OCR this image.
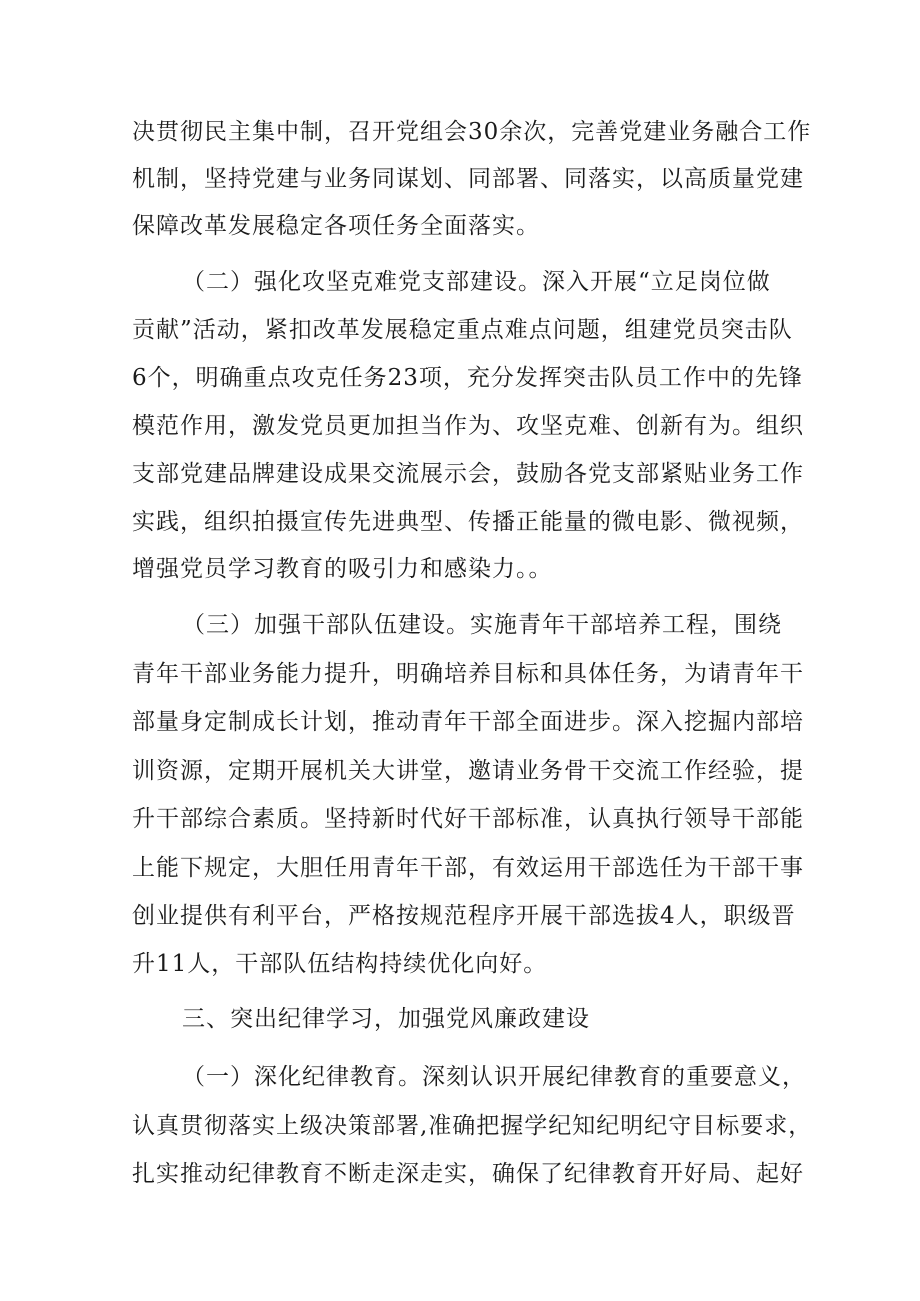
决贯彻民主集中制，召开党组会30余次，完善党建业务融合工作
机制，坚持党建与业务同谋划、同部署、同落实，以高质量党建
保障改革发展稳定各项任务全面落实。
（二）强化攻坚克难党支部建设。深入开展“立足岗位做
贡献”活动，紧扣改革发展稳定重点难点问题，组建党员突击队
6个，明确重点攻克任务23项，充分发挥突击队员工作中的先锋
模范作用，激发党员更加担当作为、攻坚克难、创新有为。组织
支部党建品牌建设成果交流展示会，鼓励各党支部紧贴业务工作
实践，组织拍摄宣传先进典型、传播正能量的微电影、微视频，
增强党员学习教育的吸引力和感染力。。
（三）加强干部队伍建设。实施青年干部培养工程，围绕
青年干部业务能力提升，明确培养目标和具体任务，为请青年干
部量身定制成长计划，推动青年干部全面进步。深入挖掘内部培
训资源，定期开展机关大讲堂，邀请业务骨干交流工作经验，提
升干部综合素质。坚持新时代好干部标准，认真执行领导干部能
上能下规定，大胆任用青年干部，有效运用干部选任为干部干事
创业提供有利平台，严格按规范程序开展干部选拔4人，职级晋
升11人，干部队伍结构持续优化向好。
三、突出纪律学习，加强党风廉政建设
（一）深化纪律教育。深刻认识开展纪律教育的重要意义，
认真贯彻落实上级决策部署,准确把握学纪知纪明纪守目标要求，
扎实推动纪律教育不断走深走实，确保了纪律教育开好局、起好
